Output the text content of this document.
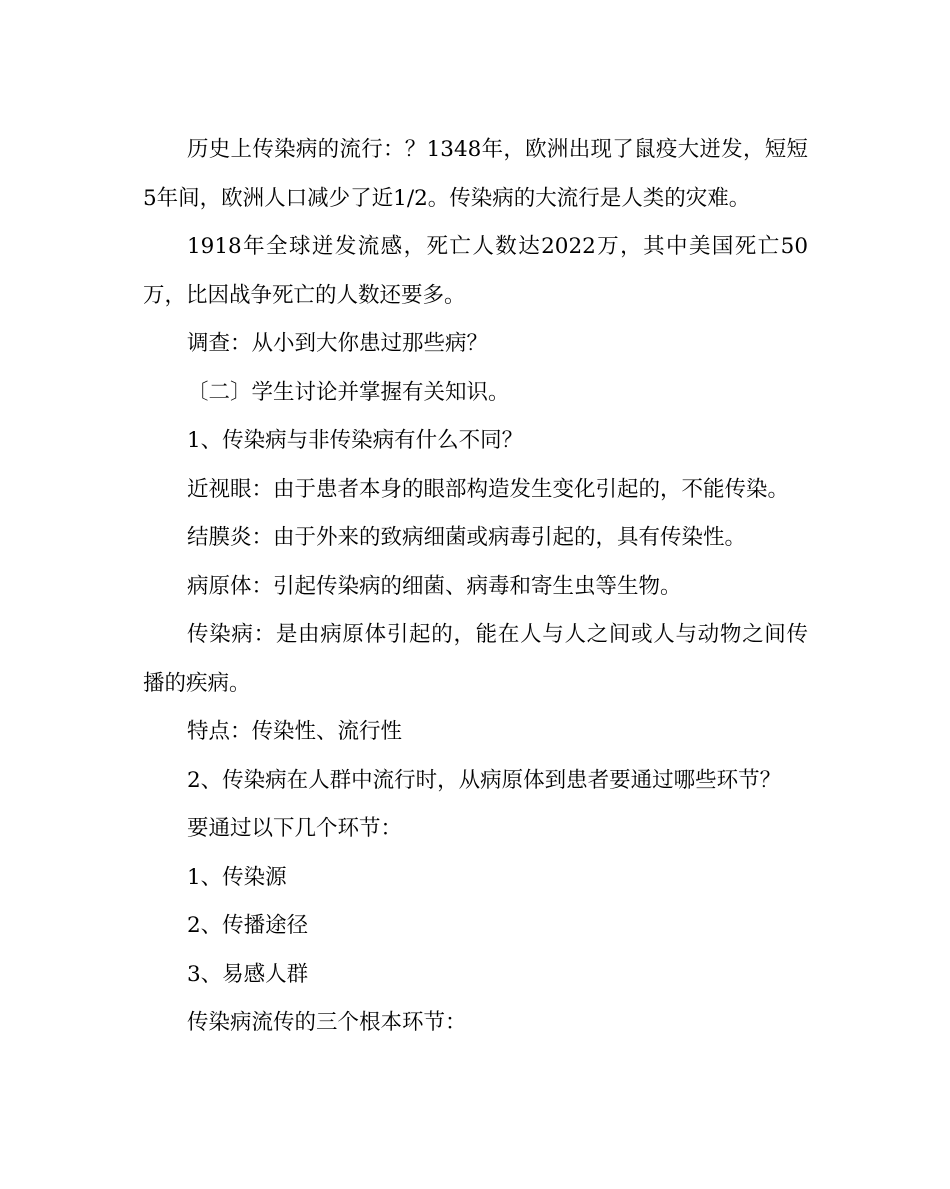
历史上传染病的流行：？1348年，欧洲出现了鼠疫大迸发，短短5年间，欧洲人口减少了近1/2。传染病的大流行是人类的灾难。

1918年全球迸发流感，死亡人数达2022万，其中美国死亡50万，比因战争死亡的人数还要多。

调查：从小到大你患过那些病？

〔二〕学生讨论并掌握有关知识。

1、传染病与非传染病有什么不同？

近视眼：由于患者本身的眼部构造发生变化引起的，不能传染。

结膜炎：由于外来的致病细菌或病毒引起的，具有传染性。

病原体：引起传染病的细菌、病毒和寄生虫等生物。

传染病：是由病原体引起的，能在人与人之间或人与动物之间传播的疾病。

特点：传染性、流行性

2、传染病在人群中流行时，从病原体到患者要通过哪些环节？

要通过以下几个环节：

1、传染源

2、传播途径

3、易感人群

传染病流传的三个根本环节：
